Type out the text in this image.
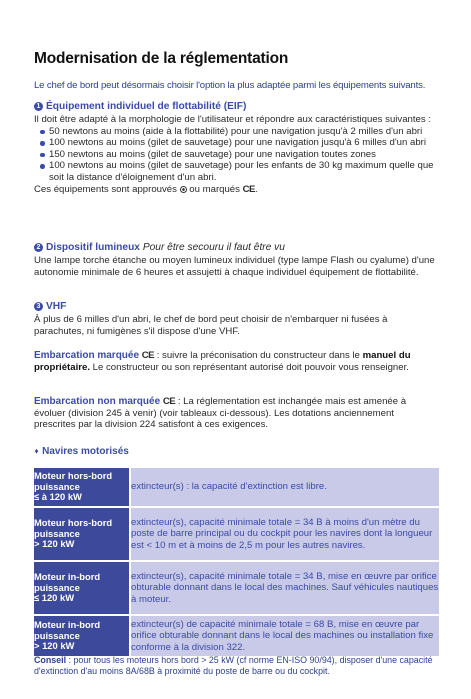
Modernisation de la réglementation
Le chef de bord peut désormais choisir l'option la plus adaptée parmi les équipements suivants.
1 Équipement individuel de flottabilité (EIF)
Il doit être adapté à la morphologie de l'utilisateur et répondre aux caractéristiques suivantes :
50 newtons au moins (aide à la flottabilité) pour une navigation jusqu'à 2 milles d'un abri
100 newtons au moins (gilet de sauvetage) pour une navigation jusqu'à 6 milles d'un abri
150 newtons au moins (gilet de sauvetage) pour une navigation toutes zones
100 newtons au moins (gilet de sauvetage) pour les enfants de 30 kg maximum quelle que soit la distance d'éloignement d'un abri.
Ces équipements sont approuvés ou marqués CE.
2 Dispositif lumineux Pour être secouru il faut être vu
Une lampe torche étanche ou moyen lumineux individuel (type lampe Flash ou cyalume) d'une autonomie minimale de 6 heures et assujetti à chaque individuel équipement de flottabilité.
3 VHF
À plus de 6 milles d'un abri, le chef de bord peut choisir de n'embarquer ni fusées à parachutes, ni fumigènes s'il dispose d'une VHF.
Embarcation marquée CE : suivre la préconisation du constructeur dans le manuel du propriétaire. Le constructeur ou son représentant autorisé doit pouvoir vous renseigner.
Embarcation non marquée CE : La réglementation est inchangée mais est amenée à évoluer (division 245 à venir) (voir tableaux ci-dessous). Les dotations anciennement prescrites par la division 224 satisfont à ces exigences.
♦ Navires motorisés
Moteur hors-bord
puissance
≤ à 120 kW	extincteur(s) : la capacité d'extinction est libre.

Moteur hors-bord
puissance
> 120 kW	extincteur(s), capacité minimale totale = 34 B à moins d'un mètre du poste de barre principal ou du cockpit pour les navires dont la longueur est < 10 m et à moins de 2,5 m pour les autres navires.

Moteur in-bord
puissance
≤ 120 kW	extincteur(s), capacité minimale totale = 34 B, mise en œuvre par orifice obturable donnant dans le local des machines. Sauf véhicules nautiques à moteur.

Moteur in-bord
puissance
> 120 kW	extincteur(s) de capacité minimale totale = 68 B, mise en œuvre par orifice obturable donnant dans le local des machines ou installation fixe conforme à la division 322.
Conseil : pour tous les moteurs hors bord > 25 kW (cf norme EN-ISO 90/94), disposer d'une capacité d'extinction d'au moins 8A/68B à proximité du poste de barre ou du cockpit.
